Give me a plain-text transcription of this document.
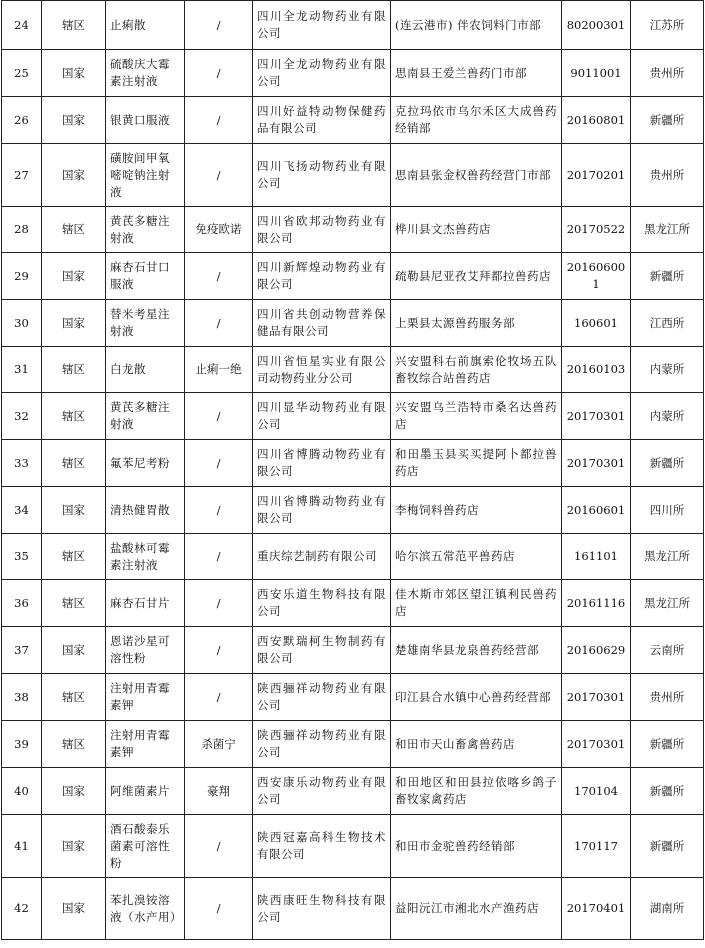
24	辖区	止痢散	/	四川全龙动物药业有限公司	(连云港市) 伴农饲料门市部	80200301	江苏所
25	国家	硫酸庆大霉素注射液	/	四川全龙动物药业有限公司	思南县王爱兰兽药门市部	9011001	贵州所
26	国家	银黄口服液	/	四川好益特动物保健药品有限公司	克拉玛依市乌尔禾区大成兽药经销部	20160801	新疆所
27	国家	磺胺间甲氧嘧啶钠注射液	/	四川飞扬动物药业有限公司	思南县张金权兽药经营门市部	20170201	贵州所
28	辖区	黄芪多糖注射液	免疫欧诺	四川省欧邦动物药业有限公司	桦川县文杰兽药店	20170522	黑龙江所
29	国家	麻杏石甘口服液	/	四川新辉煌动物药业有限公司	疏勒县尼亚孜艾拜都拉兽药店	201606001	新疆所
30	国家	替米考星注射液	/	四川省共创动物营养保健品有限公司	上栗县太源兽药服务部	160601	江西所
31	辖区	白龙散	止痢一绝	四川省恒星实业有限公司动物药业分公司	兴安盟科右前旗索伦牧场五队畜牧综合站兽药店	20160103	内蒙所
32	辖区	黄芪多糖注射液	/	四川显华动物药业有限公司	兴安盟乌兰浩特市桑名达兽药店	20170301	内蒙所
33	辖区	氟苯尼考粉	/	四川省博腾动物药业有限公司	和田墨玉县买买提阿卜都拉兽药店	20170301	新疆所
34	国家	清热健胃散	/	四川省博腾动物药业有限公司	李梅饲料兽药店	20160601	四川所
35	辖区	盐酸林可霉素注射液	/	重庆综艺制药有限公司	哈尔滨五常范平兽药店	161101	黑龙江所
36	辖区	麻杏石甘片	/	西安乐道生物科技有限公司	佳木斯市郊区望江镇利民兽药店	20161116	黑龙江所
37	国家	恩诺沙星可溶性粉	/	西安默瑞柯生物制药有限公司	楚雄南华县龙泉兽药经营部	20160629	云南所
38	辖区	注射用青霉素钾	/	陕西骊祥动物药业有限公司	印江县合水镇中心兽药经营部	20170301	贵州所
39	辖区	注射用青霉素钾	杀菌宁	陕西骊祥动物药业有限公司	和田市天山畜禽兽药店	20170301	新疆所
40	国家	阿维菌素片	豪翔	西安康乐动物药业有限公司	和田地区和田县拉依喀乡鸽子畜牧家禽药店	170104	新疆所
41	国家	酒石酸泰乐菌素可溶性粉	/	陕西冠嘉高科生物技术有限公司	和田市金驼兽药经销部	170117	新疆所
42	国家	苯扎溴铵溶液（水产用）	/	陕西康旺生物科技有限公司	益阳沅江市湘北水产渔药店	20170401	湖南所
